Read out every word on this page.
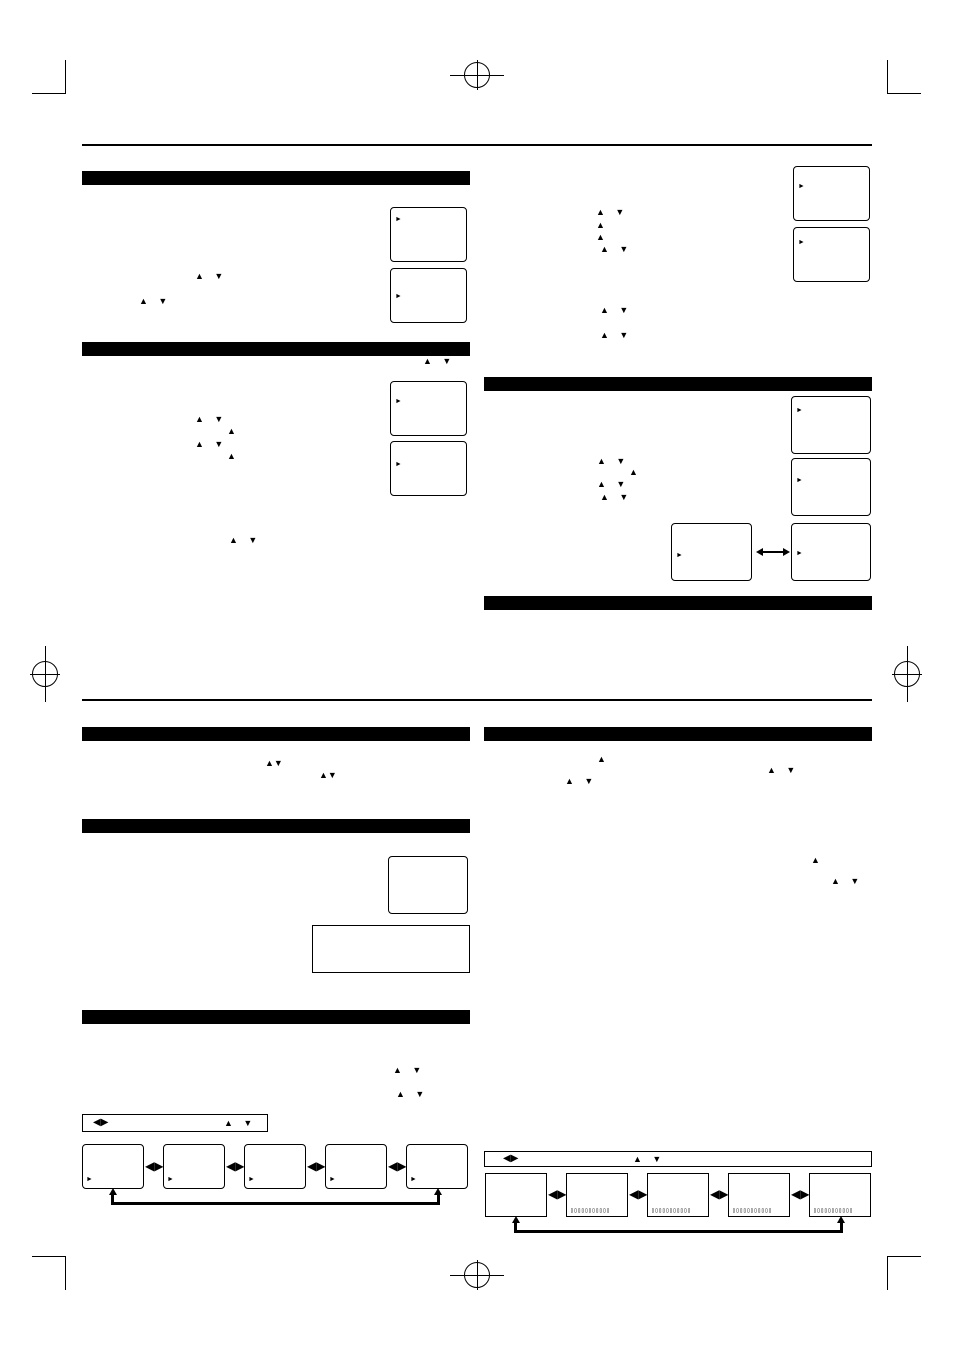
►
►
▲ ▼
▲ ▼
▲ ▼
►
►
▲ ▼
▲
▲ ▼
▲
▲ ▼
►
►
▲ ▼
▲
▲
▲ ▼
▲ ▼
▲ ▼
►
►
▲ ▼
▲
▲ ▼
▲ ▼
►	►
▲▼
▲▼
▲ ▼
▲ ▼
◀▶	▲ ▼
►
◀▶
►
◀▶
►
◀▶
►
◀▶
►
▲
▲ ▼
▲ ▼
▲
▲ ▼
◀▶	▲ ▼
◀▶
▯▯▯▯▯▯▯▯▯▯▯
◀▶
▯▯▯▯▯▯▯▯▯▯▯
◀▶
▯▯▯▯▯▯▯▯▯▯▯
◀▶
▯▯▯▯▯▯▯▯▯▯▯
